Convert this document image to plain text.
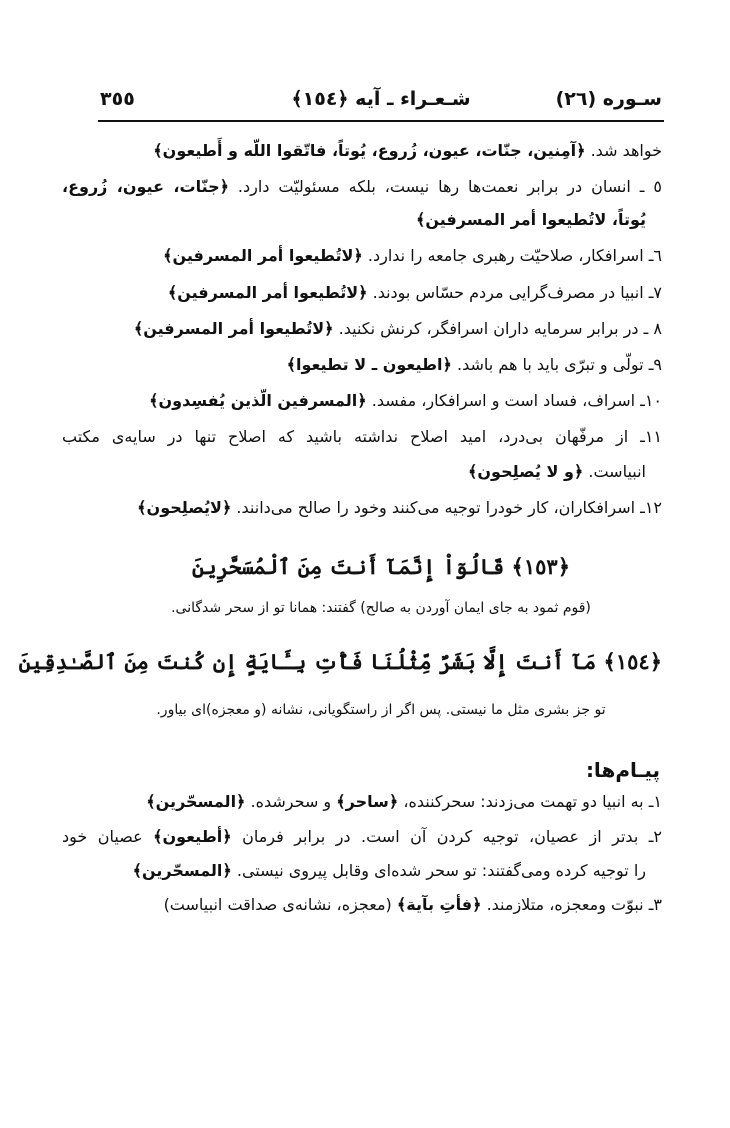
٣٥٥	شـعـراء ـ آیه ﴿١٥٤﴾	سـوره (٢٦)
خواهد شد. ﴿آمِنین، جنّات، عیون، زُروع، یُوتاً، فاتّقوا اللّه و أَطیعون﴾
٥ ـ انسان در برابر نعمت‌ها رها نیست، بلکه مسئولیّت دارد. ﴿جنّات، عیون، زُروع،
یُوتاً، لاتُطیعوا أمر المسرفین﴾
٦ـ اسرافکار، صلاحیّت رهبری جامعه را ندارد. ﴿لاتُطیعوا أمر المسرفین﴾
٧ـ انبیا در مصرف‌گرایی مردم حسّاس بودند. ﴿لاتُطیعوا أمر المسرفین﴾
٨ ـ در برابر سرمایه داران اسرافگر، کرنش نکنید. ﴿لاتُطیعوا أمر المسرفین﴾
٩ـ تولّی و تبرّی باید با هم باشد. ﴿اطیعون ـ لا تطیعوا﴾
١٠ـ اسراف، فساد است و اسرافکار، مفسد. ﴿المسرفین الّذین یُفسِدون﴾
١١ـ از مرفّهان بی‌درد، امید اصلاح نداشته باشید که اصلاح تنها در سایه‌ی مکتب
انبیاست. ﴿و لا یُصلِحون﴾
١٢ـ اسرافکاران، کار خودرا توجیه می‌کنند وخود را صالح می‌دانند. ﴿لایُصلِحون﴾
﴿١٥٣﴾ قَالُوٓاْ إِنَّمَآ أَنتَ مِنَ ٱلْمُسَحَّرِينَ
(قوم ثمود به جای ایمان آوردن به صالح) گفتند: همانا تو از سحر شدگانی.
﴿١٥٤﴾ مَآ أَنتَ إِلَّا بَشَرٌ مِّثْلُنَا فَأْتِ بِـَٔايَةٍ إِن كُنتَ مِنَ ٱلصَّـٰدِقِينَ
تو جز بشری مثل ما نیستی. پس اگر از راستگویانی، نشانه (و معجزه)ای بیاور.
پیـام‌ها:
١ـ به انبیا دو تهمت می‌زدند: سحرکننده، ﴿ساحر﴾ و سحرشده. ﴿المسحّرین﴾
٢ـ بدتر از عصیان، توجیه کردن آن است. در برابر فرمان ﴿أطیعون﴾ عصیان خود
را توجیه کرده ومی‌گفتند: تو سحر شده‌ای وقابل پیروی نیستی. ﴿المسحّرین﴾
٣ـ نبوّت ومعجزه، متلازمند. ﴿فأتِ بآیة﴾ (معجزه، نشانه‌ی صداقت انبیاست)
